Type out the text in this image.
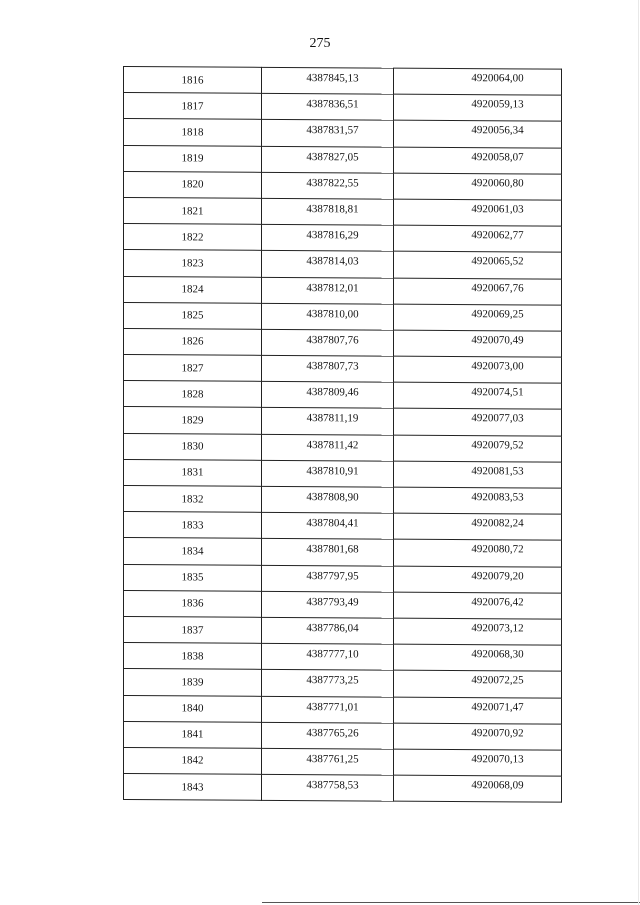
275
1816	4387845,13	4920064,00
1817	4387836,51	4920059,13
1818	4387831,57	4920056,34
1819	4387827,05	4920058,07
1820	4387822,55	4920060,80
1821	4387818,81	4920061,03
1822	4387816,29	4920062,77
1823	4387814,03	4920065,52
1824	4387812,01	4920067,76
1825	4387810,00	4920069,25
1826	4387807,76	4920070,49
1827	4387807,73	4920073,00
1828	4387809,46	4920074,51
1829	4387811,19	4920077,03
1830	4387811,42	4920079,52
1831	4387810,91	4920081,53
1832	4387808,90	4920083,53
1833	4387804,41	4920082,24
1834	4387801,68	4920080,72
1835	4387797,95	4920079,20
1836	4387793,49	4920076,42
1837	4387786,04	4920073,12
1838	4387777,10	4920068,30
1839	4387773,25	4920072,25
1840	4387771,01	4920071,47
1841	4387765,26	4920070,92
1842	4387761,25	4920070,13
1843	4387758,53	4920068,09
